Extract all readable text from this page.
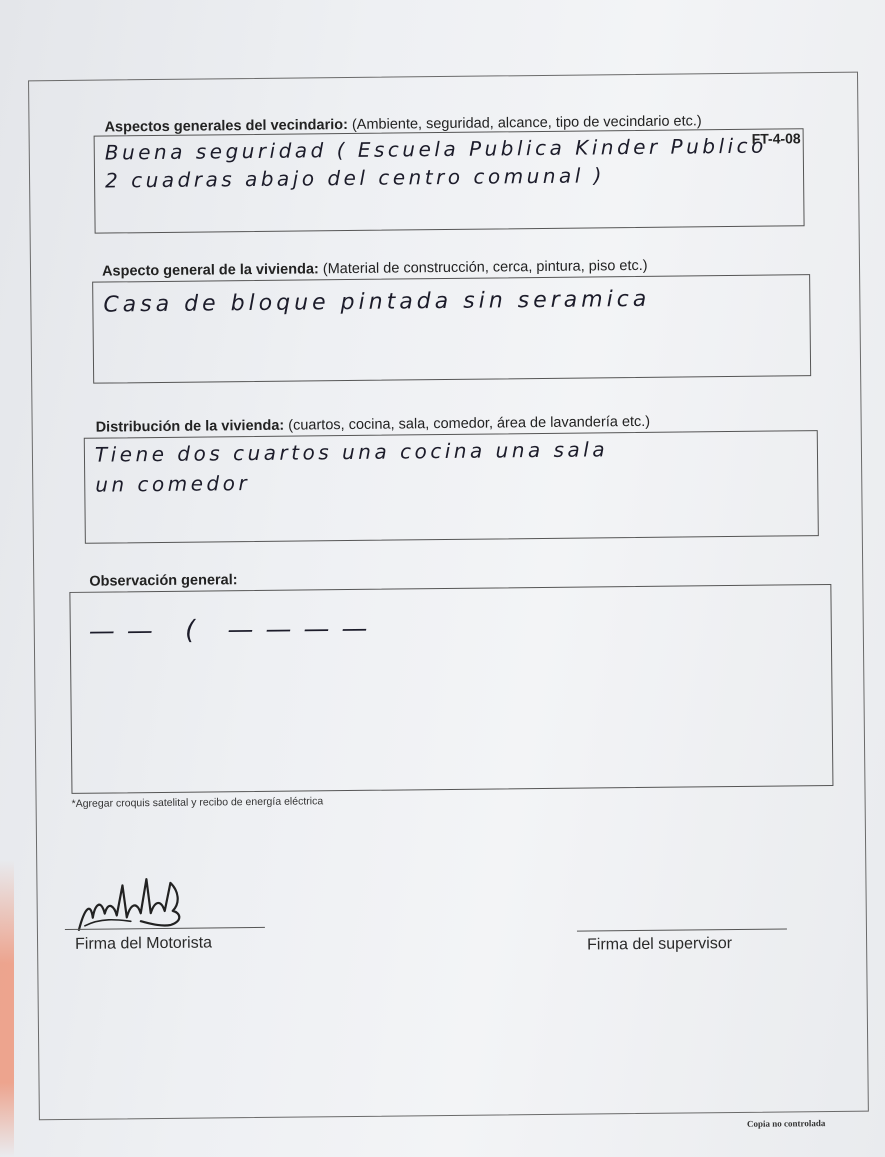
FT-4-08
Aspectos generales del vecindario: (Ambiente, seguridad, alcance, tipo de vecindario etc.)
Buena seguridad ( Escuela Publica Kinder Publico
2 cuadras abajo del centro comunal )
Aspecto general de la vivienda: (Material de construcción, cerca, pintura, piso etc.)
Casa de bloque pintada sin seramica
Distribución de la vivienda: (cuartos, cocina, sala, comedor, área de lavandería etc.)
Tiene dos cuartos una cocina una sala
un comedor
Observación general:
—— ( ————
*Agregar croquis satelital y recibo de energía eléctrica
Firma del Motorista	Firma del supervisor
Copia no controlada
